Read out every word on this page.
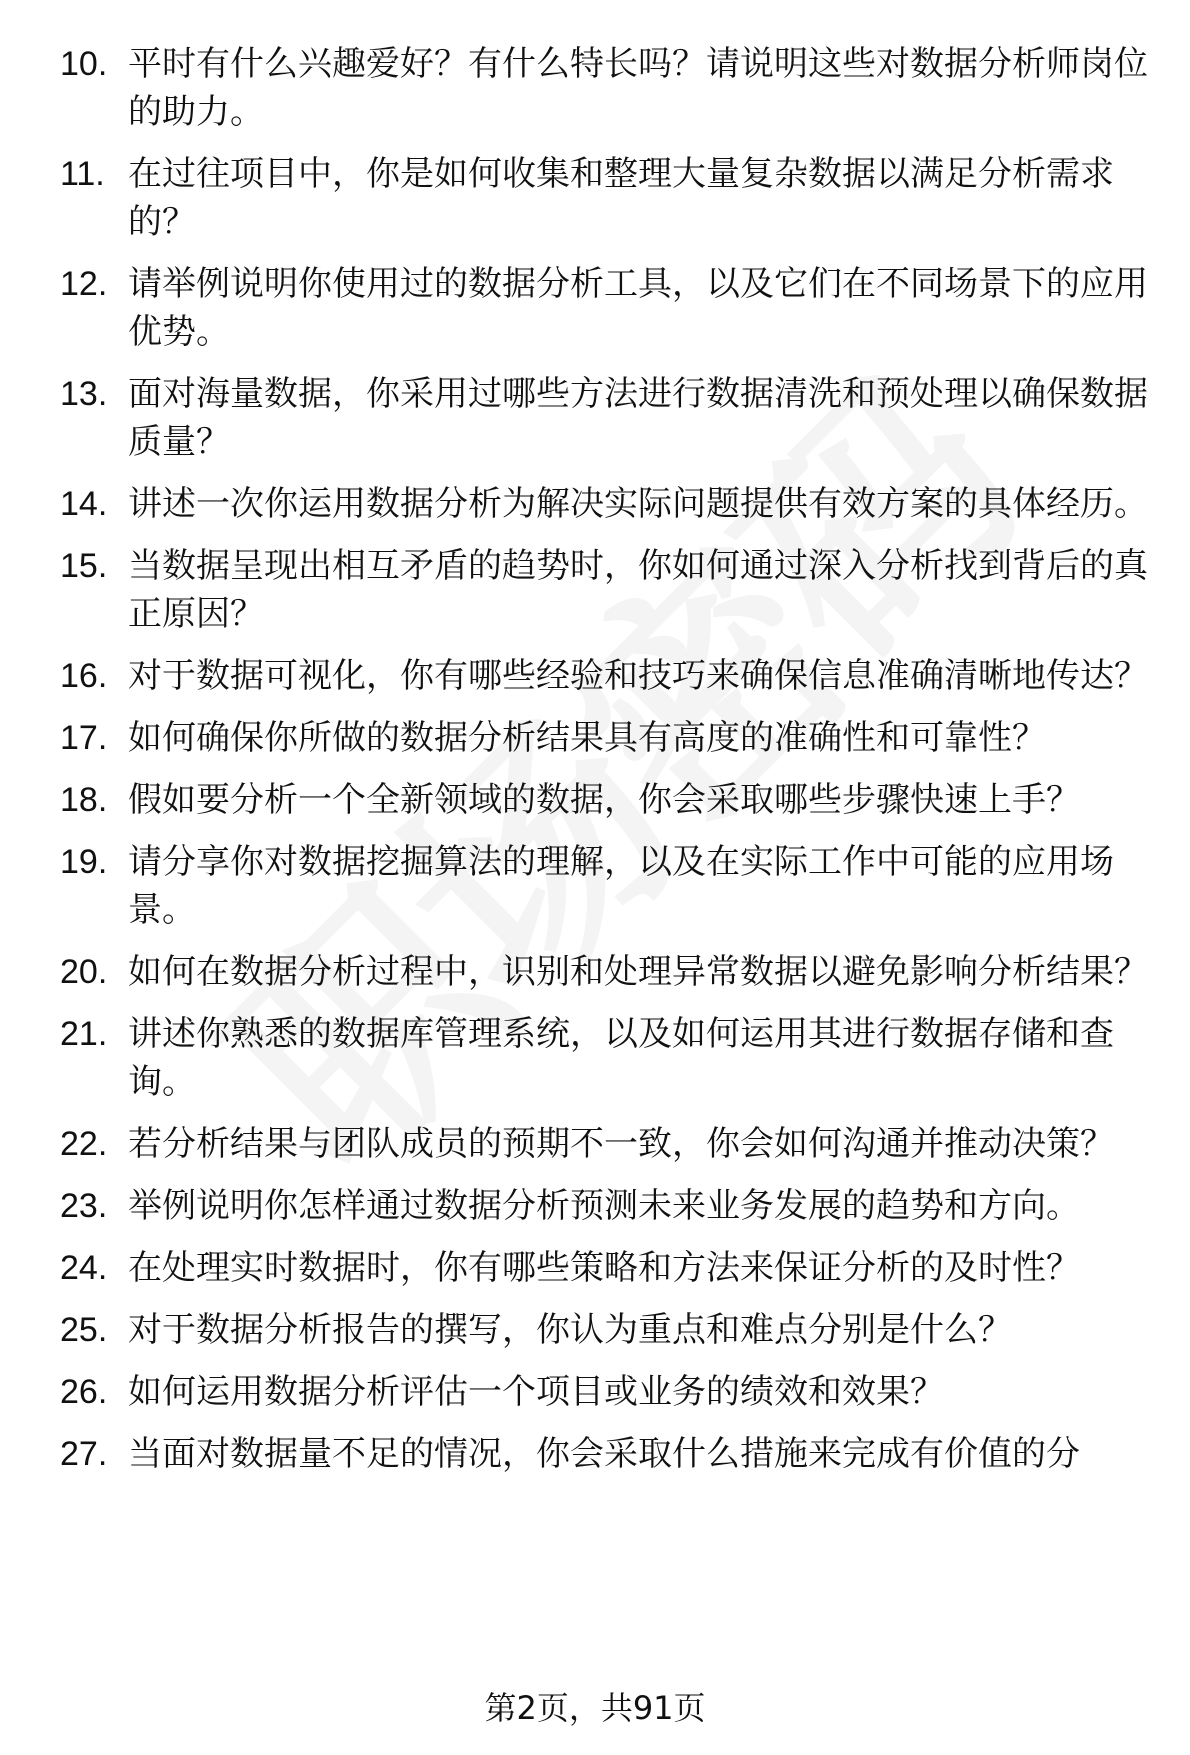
10. 平时有什么兴趣爱好？有什么特长吗？请说明这些对数据分析师岗位的助力。
11. 在过往项目中，你是如何收集和整理大量复杂数据以满足分析需求的？
12. 请举例说明你使用过的数据分析工具，以及它们在不同场景下的应用优势。
13. 面对海量数据，你采用过哪些方法进行数据清洗和预处理以确保数据质量？
14. 讲述一次你运用数据分析为解决实际问题提供有效方案的具体经历。
15. 当数据呈现出相互矛盾的趋势时，你如何通过深入分析找到背后的真正原因？
16. 对于数据可视化，你有哪些经验和技巧来确保信息准确清晰地传达？
17. 如何确保你所做的数据分析结果具有高度的准确性和可靠性？
18. 假如要分析一个全新领域的数据，你会采取哪些步骤快速上手？
19. 请分享你对数据挖掘算法的理解，以及在实际工作中可能的应用场景。
20. 如何在数据分析过程中，识别和处理异常数据以避免影响分析结果？
21. 讲述你熟悉的数据库管理系统，以及如何运用其进行数据存储和查询。
22. 若分析结果与团队成员的预期不一致，你会如何沟通并推动决策？
23. 举例说明你怎样通过数据分析预测未来业务发展的趋势和方向。
24. 在处理实时数据时，你有哪些策略和方法来保证分析的及时性？
25. 对于数据分析报告的撰写，你认为重点和难点分别是什么？
26. 如何运用数据分析评估一个项目或业务的绩效和效果？
27. 当面对数据量不足的情况，你会采取什么措施来完成有价值的分
第2页，共91页
